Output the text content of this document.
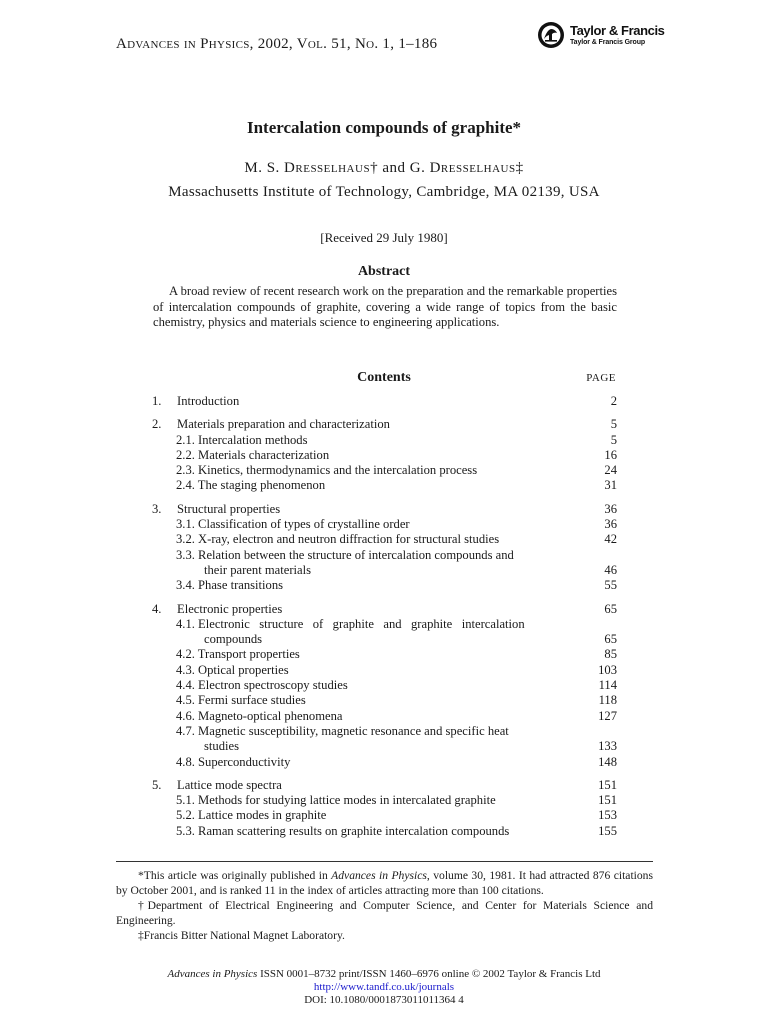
Advances in Physics, 2002, Vol. 51, No. 1, 1–186
Taylor & Francis
Taylor & Francis Group
Intercalation compounds of graphite*
M. S. Dresselhaus† and G. Dresselhaus‡
Massachusetts Institute of Technology, Cambridge, MA 02139, USA
[Received 29 July 1980]
Abstract
A broad review of recent research work on the preparation and the remarkable properties of intercalation compounds of graphite, covering a wide range of topics from the basic chemistry, physics and materials science to engineering applications.
Contents	PAGE
1. Introduction	2
2. Materials preparation and characterization	5
2.1. Intercalation methods	5
2.2. Materials characterization	16
2.3. Kinetics, thermodynamics and the intercalation process	24
2.4. The staging phenomenon	31
3. Structural properties	36
3.1. Classification of types of crystalline order	36
3.2. X-ray, electron and neutron diffraction for structural studies	42
3.3. Relation between the structure of intercalation compounds and
their parent materials	46
3.4. Phase transitions	55
4. Electronic properties	65
4.1. Electronic   structure   of   graphite   and   graphite   intercalation
compounds	65
4.2. Transport properties	85
4.3. Optical properties	103
4.4. Electron spectroscopy studies	114
4.5. Fermi surface studies	118
4.6. Magneto-optical phenomena	127
4.7. Magnetic susceptibility, magnetic resonance and specific heat
studies	133
4.8. Superconductivity	148
5. Lattice mode spectra	151
5.1. Methods for studying lattice modes in intercalated graphite	151
5.2. Lattice modes in graphite	153
5.3. Raman scattering results on graphite intercalation compounds	155

*This article was originally published in Advances in Physics, volume 30, 1981. It had attracted 876 citations by October 2001, and is ranked 11 in the index of articles attracting more than 100 citations.

†Department of Electrical Engineering and Computer Science, and Center for Materials Science and Engineering.

‡Francis Bitter National Magnet Laboratory.

Advances in Physics ISSN 0001–8732 print/ISSN 1460–6976 online © 2002 Taylor & Francis Ltd
http://www.tandf.co.uk/journals
DOI: 10.1080/0001873011011364 4
